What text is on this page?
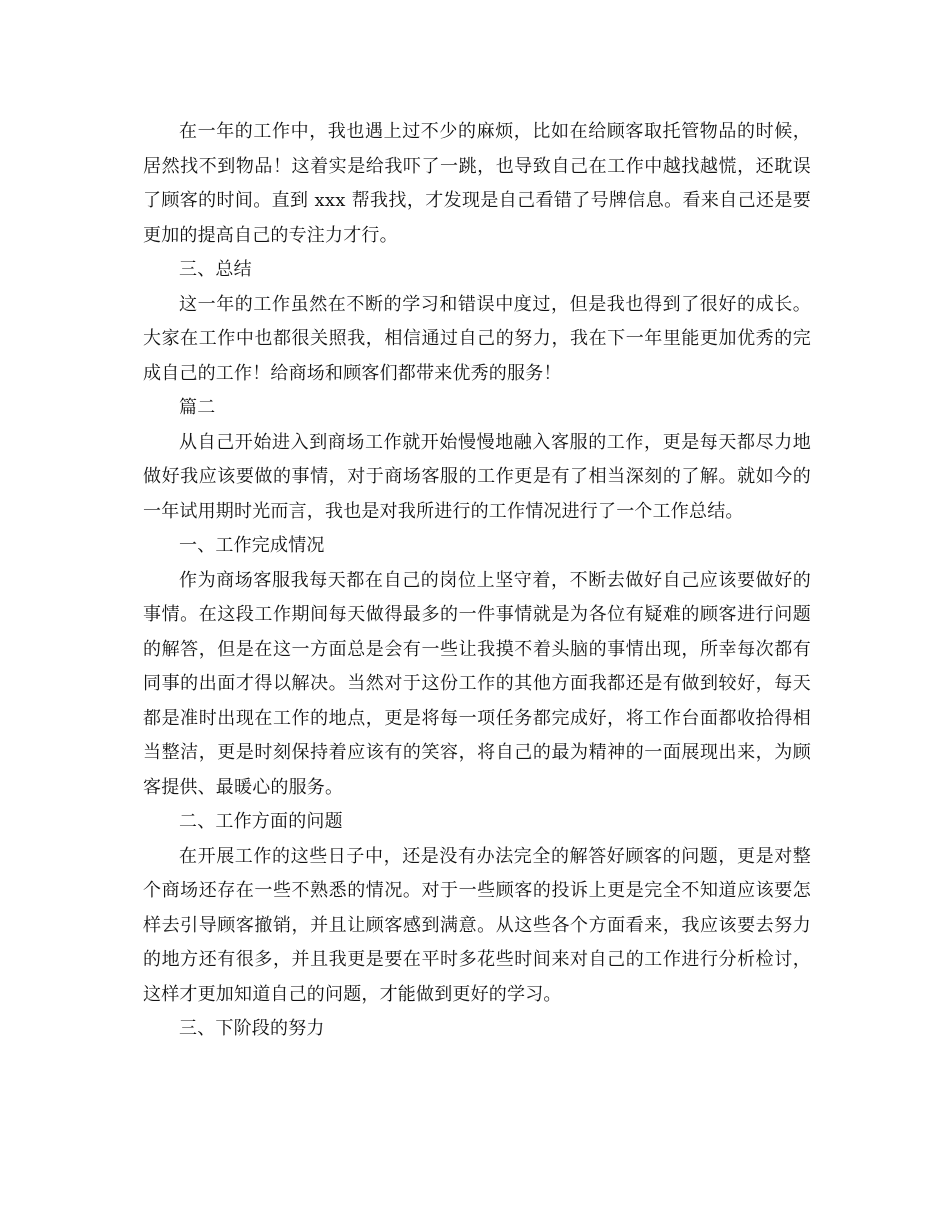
在一年的工作中，我也遇上过不少的麻烦，比如在给顾客取托管物品的时候，居然找不到物品！这着实是给我吓了一跳，也导致自己在工作中越找越慌，还耽误了顾客的时间。直到 xxx 帮我找，才发现是自己看错了号牌信息。看来自己还是要更加的提高自己的专注力才行。

三、总结

这一年的工作虽然在不断的学习和错误中度过，但是我也得到了很好的成长。大家在工作中也都很关照我，相信通过自己的努力，我在下一年里能更加优秀的完成自己的工作！给商场和顾客们都带来优秀的服务！

篇二

从自己开始进入到商场工作就开始慢慢地融入客服的工作，更是每天都尽力地做好我应该要做的事情，对于商场客服的工作更是有了相当深刻的了解。就如今的一年试用期时光而言，我也是对我所进行的工作情况进行了一个工作总结。

一、工作完成情况

作为商场客服我每天都在自己的岗位上坚守着，不断去做好自己应该要做好的事情。在这段工作期间每天做得最多的一件事情就是为各位有疑难的顾客进行问题的解答，但是在这一方面总是会有一些让我摸不着头脑的事情出现，所幸每次都有同事的出面才得以解决。当然对于这份工作的其他方面我都还是有做到较好，每天都是准时出现在工作的地点，更是将每一项任务都完成好，将工作台面都收拾得相当整洁，更是时刻保持着应该有的笑容，将自己的最为精神的一面展现出来，为顾客提供、最暖心的服务。

二、工作方面的问题

在开展工作的这些日子中，还是没有办法完全的解答好顾客的问题，更是对整个商场还存在一些不熟悉的情况。对于一些顾客的投诉上更是完全不知道应该要怎样去引导顾客撤销，并且让顾客感到满意。从这些各个方面看来，我应该要去努力的地方还有很多，并且我更是要在平时多花些时间来对自己的工作进行分析检讨，这样才更加知道自己的问题，才能做到更好的学习。

三、下阶段的努力
